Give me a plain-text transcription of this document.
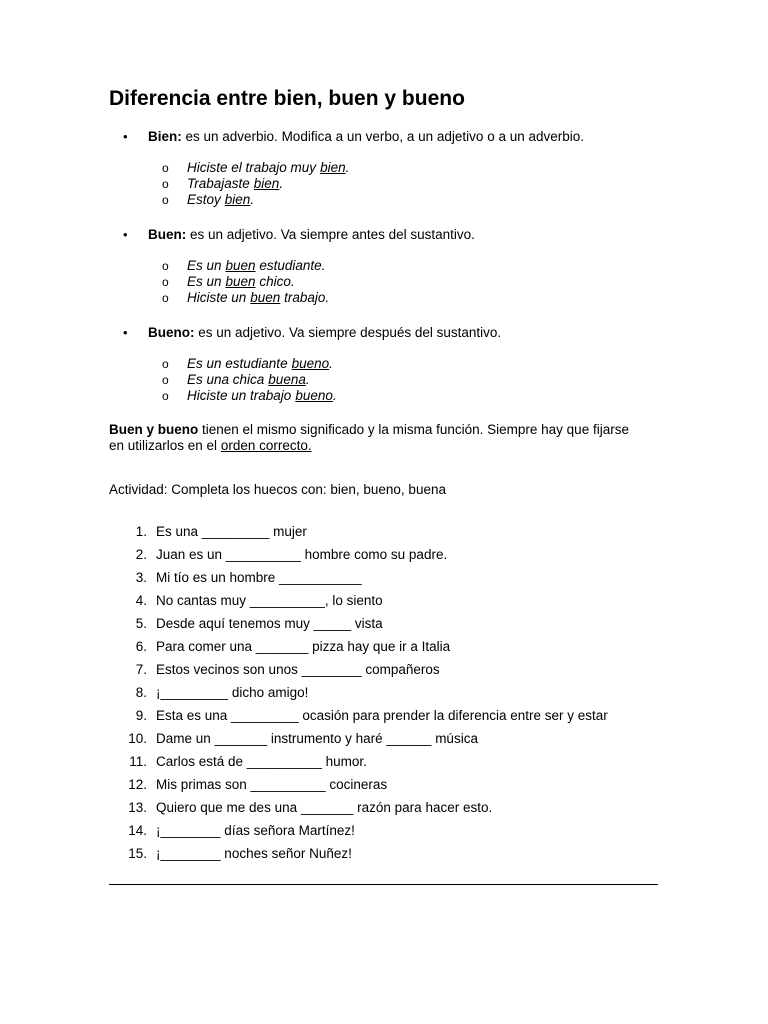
Diferencia entre bien, buen y bueno
• Bien: es un adverbio. Modifica a un verbo, a un adjetivo o a un adverbio.
o Hiciste el trabajo muy bien.
o Trabajaste bien.
o Estoy bien.
• Buen: es un adjetivo. Va siempre antes del sustantivo.
o Es un buen estudiante.
o Es un buen chico.
o Hiciste un buen trabajo.
• Bueno: es un adjetivo. Va siempre después del sustantivo.
o Es un estudiante bueno.
o Es una chica buena.
o Hiciste un trabajo bueno.
Buen y bueno tienen el mismo significado y la misma función. Siempre hay que fijarse
en utilizarlos en el orden correcto.
Actividad: Completa los huecos con: bien, bueno, buena
1. Es una _________ mujer
2. Juan es un __________ hombre como su padre.
3. Mi tío es un hombre ___________
4. No cantas muy __________, lo siento
5. Desde aquí tenemos muy _____ vista
6. Para comer una _______ pizza hay que ir a Italia
7. Estos vecinos son unos ________ compañeros
8. ¡_________ dicho amigo!
9. Esta es una _________ ocasión para prender la diferencia entre ser y estar
10. Dame un _______ instrumento y haré ______ música
11. Carlos está de __________ humor.
12. Mis primas son __________ cocineras
13. Quiero que me des una _______ razón para hacer esto.
14. ¡________ días señora Martínez!
15. ¡________ noches señor Nuñez!
